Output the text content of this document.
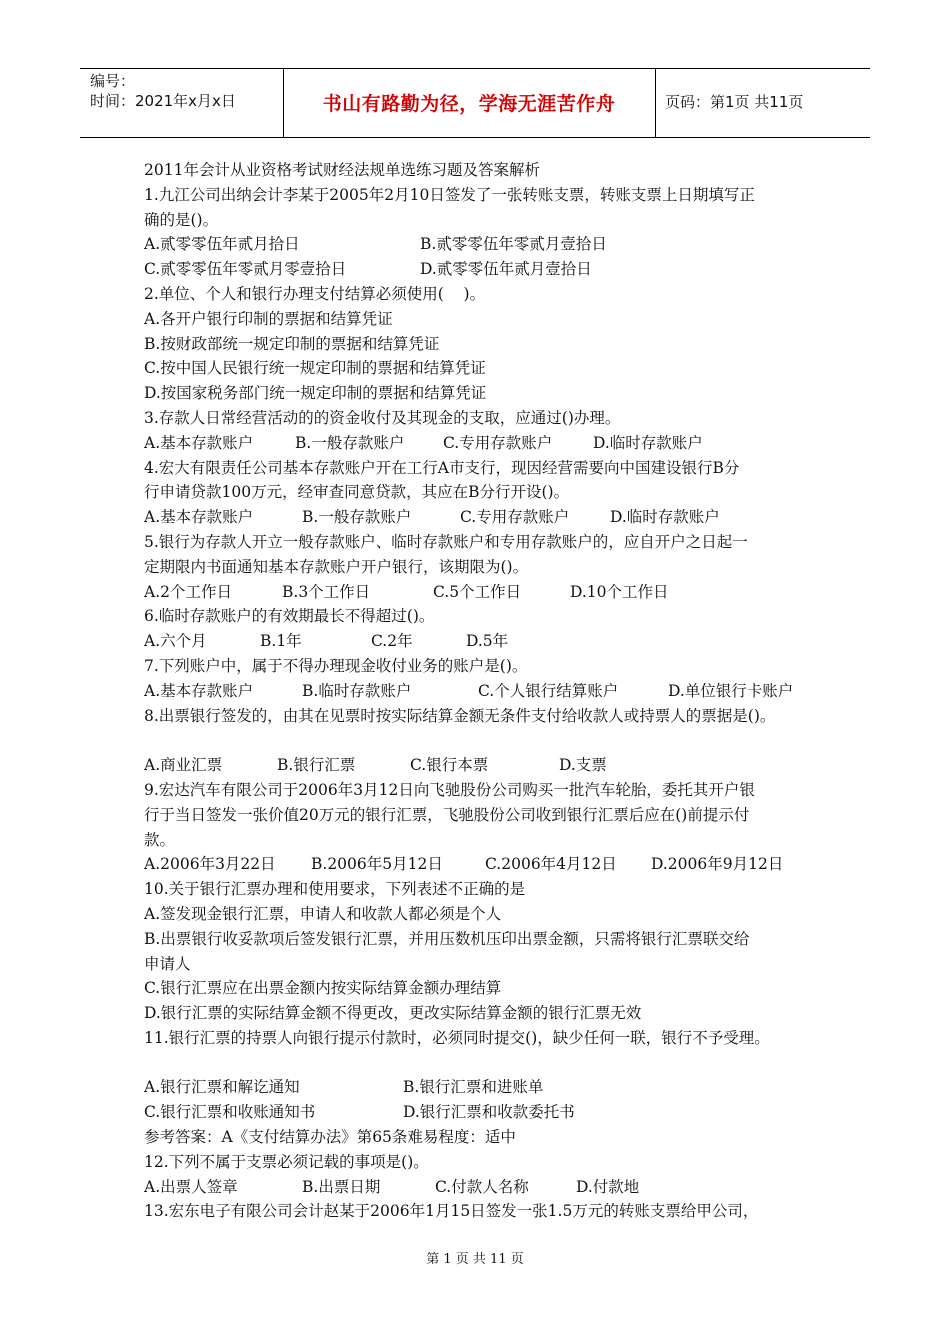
编号：
时间：2021年x月x日	书山有路勤为径，学海无涯苦作舟	页码：第1页 共11页
2011年会计从业资格考试财经法规单选练习题及答案解析
1.九江公司出纳会计李某于2005年2月10日签发了一张转账支票，转账支票上日期填写正
确的是()。
A.贰零零伍年贰月拾日	B.贰零零伍年零贰月壹拾日
C.贰零零伍年零贰月零壹拾日	D.贰零零伍年贰月壹拾日
2.单位、个人和银行办理支付结算必须使用(    )。
A.各开户银行印制的票据和结算凭证
B.按财政部统一规定印制的票据和结算凭证
C.按中国人民银行统一规定印制的票据和结算凭证
D.按国家税务部门统一规定印制的票据和结算凭证
3.存款人日常经营活动的的资金收付及其现金的支取，应通过()办理。
A.基本存款账户	B.一般存款账户 C.专用存款账户	D.临时存款账户
4.宏大有限责任公司基本存款账户开在工行A市支行，现因经营需要向中国建设银行B分
行申请贷款100万元，经审查同意贷款，其应在B分行开设()。
A.基本存款账户	B.一般存款账户	C.专用存款账户	D.临时存款账户
5.银行为存款人开立一般存款账户、临时存款账户和专用存款账户的，应自开户之日起一
定期限内书面通知基本存款账户开户银行，该期限为()。
A.2个工作日	B.3个工作日	C.5个工作日	D.10个工作日
6.临时存款账户的有效期最长不得超过()。
A.六个月	B.1年	C.2年	D.5年
7.下列账户中，属于不得办理现金收付业务的账户是()。
A.基本存款账户	B.临时存款账户	C.个人银行结算账户	D.单位银行卡账户
8.出票银行签发的，由其在见票时按实际结算金额无条件支付给收款人或持票人的票据是()。
A.商业汇票	B.银行汇票	C.银行本票	D.支票
9.宏达汽车有限公司于2006年3月12日向飞驰股份公司购买一批汽车轮胎，委托其开户银
行于当日签发一张价值20万元的银行汇票，飞驰股份公司收到银行汇票后应在()前提示付
款。
A.2006年3月22日 B.2006年5月12日	C.2006年4月12日 D.2006年9月12日
10.关于银行汇票办理和使用要求，下列表述不正确的是
A.签发现金银行汇票，申请人和收款人都必须是个人
B.出票银行收妥款项后签发银行汇票，并用压数机压印出票金额，只需将银行汇票联交给
申请人
C.银行汇票应在出票金额内按实际结算金额办理结算
D.银行汇票的实际结算金额不得更改，更改实际结算金额的银行汇票无效
11.银行汇票的持票人向银行提示付款时，必须同时提交()，缺少任何一联，银行不予受理。
A.银行汇票和解讫通知	B.银行汇票和进账单
C.银行汇票和收账通知书	D.银行汇票和收款委托书
参考答案：A《支付结算办法》第65条难易程度：适中
12.下列不属于支票必须记载的事项是()。
A.出票人签章	B.出票日期	C.付款人名称	D.付款地
13.宏东电子有限公司会计赵某于2006年1月15日签发一张1.5万元的转账支票给甲公司，
第 1 页 共 11 页
